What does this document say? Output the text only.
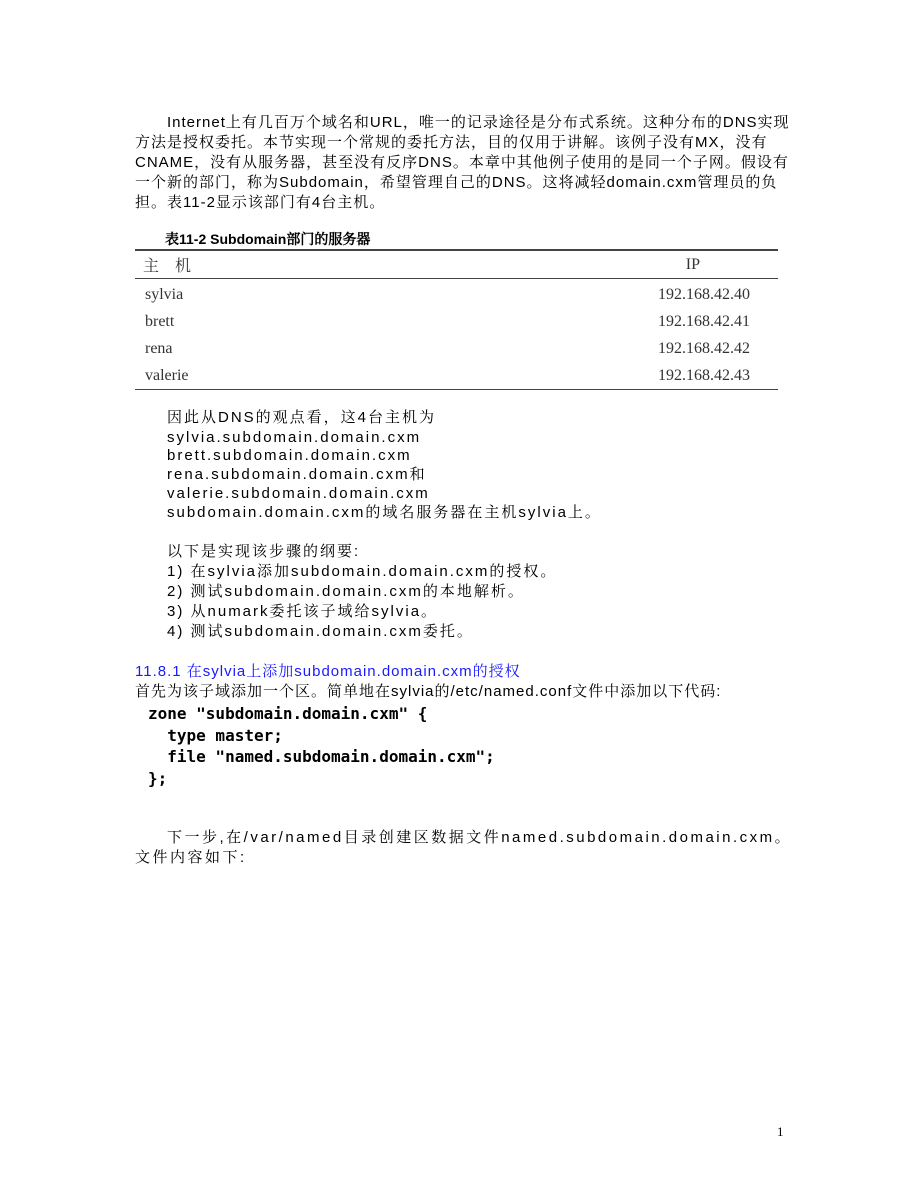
Internet上有几百万个域名和URL，唯一的记录途径是分布式系统。这种分布的DNS实现方法是授权委托。本节实现一个常规的委托方法，目的仅用于讲解。该例子没有MX，没有CNAME，没有从服务器，甚至没有反序DNS。本章中其他例子使用的是同一个子网。假设有一个新的部门，称为Subdomain，希望管理自己的DNS。这将减轻domain.cxm管理员的负担。表11-2显示该部门有4台主机。
表11-2 Subdomain部门的服务器
主　机	IP
sylvia	192.168.42.40
brett	192.168.42.41
rena	192.168.42.42
valerie	192.168.42.43
因此从DNS的观点看，这4台主机为
sylvia.subdomain.domain.cxm
brett.subdomain.domain.cxm
rena.subdomain.domain.cxm和
valerie.subdomain.domain.cxm
subdomain.domain.cxm的域名服务器在主机sylvia上。
以下是实现该步骤的纲要:
1) 在sylvia添加subdomain.domain.cxm的授权。
2) 测试subdomain.domain.cxm的本地解析。
3) 从numark委托该子域给sylvia。
4) 测试subdomain.domain.cxm委托。
11.8.1 在sylvia上添加subdomain.domain.cxm的授权
首先为该子域添加一个区。简单地在sylvia的/etc/named.conf文件中添加以下代码:
zone "subdomain.domain.cxm" {
type master;
file "named.subdomain.domain.cxm";
};
下一步,在/var/named目录创建区数据文件named.subdomain.domain.cxm。文件内容如下:
1
